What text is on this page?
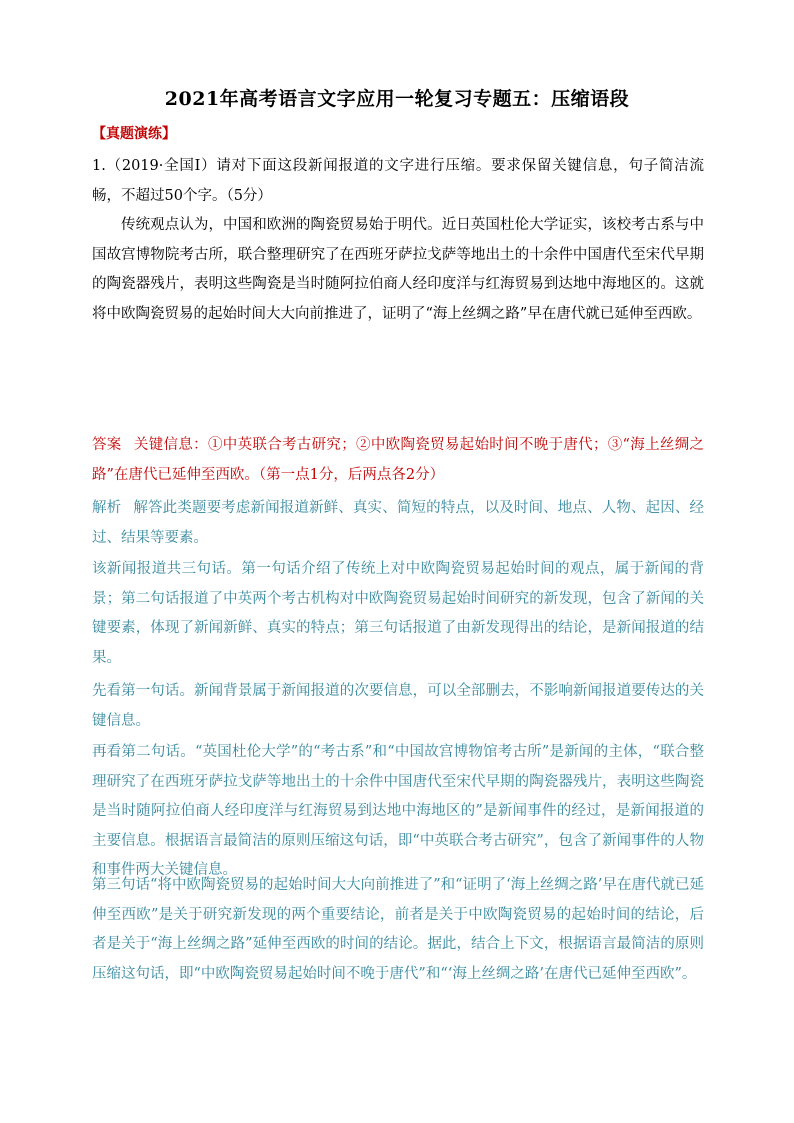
2021年高考语言文字应用一轮复习专题五：压缩语段

【真题演练】

1.（2019·全国Ⅰ）请对下面这段新闻报道的文字进行压缩。要求保留关键信息，句子简洁流畅，不超过50个字。（5分）

传统观点认为，中国和欧洲的陶瓷贸易始于明代。近日英国杜伦大学证实，该校考古系与中国故宫博物院考古所，联合整理研究了在西班牙萨拉戈萨等地出土的十余件中国唐代至宋代早期的陶瓷器残片，表明这些陶瓷是当时随阿拉伯商人经印度洋与红海贸易到达地中海地区的。这就将中欧陶瓷贸易的起始时间大大向前推进了，证明了“海上丝绸之路”早在唐代就已延伸至西欧。

答案 关键信息：①中英联合考古研究；②中欧陶瓷贸易起始时间不晚于唐代；③“海上丝绸之路”在唐代已延伸至西欧。（第一点1分，后两点各2分）

解析 解答此类题要考虑新闻报道新鲜、真实、简短的特点，以及时间、地点、人物、起因、经过、结果等要素。

该新闻报道共三句话。第一句话介绍了传统上对中欧陶瓷贸易起始时间的观点，属于新闻的背景；第二句话报道了中英两个考古机构对中欧陶瓷贸易起始时间研究的新发现，包含了新闻的关键要素，体现了新闻新鲜、真实的特点；第三句话报道了由新发现得出的结论，是新闻报道的结果。

先看第一句话。新闻背景属于新闻报道的次要信息，可以全部删去，不影响新闻报道要传达的关键信息。

再看第二句话。“英国杜伦大学”的“考古系”和“中国故宫博物馆考古所”是新闻的主体，“联合整理研究了在西班牙萨拉戈萨等地出土的十余件中国唐代至宋代早期的陶瓷器残片，表明这些陶瓷是当时随阿拉伯商人经印度洋与红海贸易到达地中海地区的”是新闻事件的经过，是新闻报道的主要信息。根据语言最简洁的原则压缩这句话，即“中英联合考古研究”，包含了新闻事件的人物和事件两大关键信息。

第三句话“将中欧陶瓷贸易的起始时间大大向前推进了”和“证明了‘海上丝绸之路’早在唐代就已延伸至西欧”是关于研究新发现的两个重要结论，前者是关于中欧陶瓷贸易的起始时间的结论，后者是关于“海上丝绸之路”延伸至西欧的时间的结论。据此，结合上下文，根据语言最简洁的原则压缩这句话，即“中欧陶瓷贸易起始时间不晚于唐代”和“‘海上丝绸之路’在唐代已延伸至西欧”。
